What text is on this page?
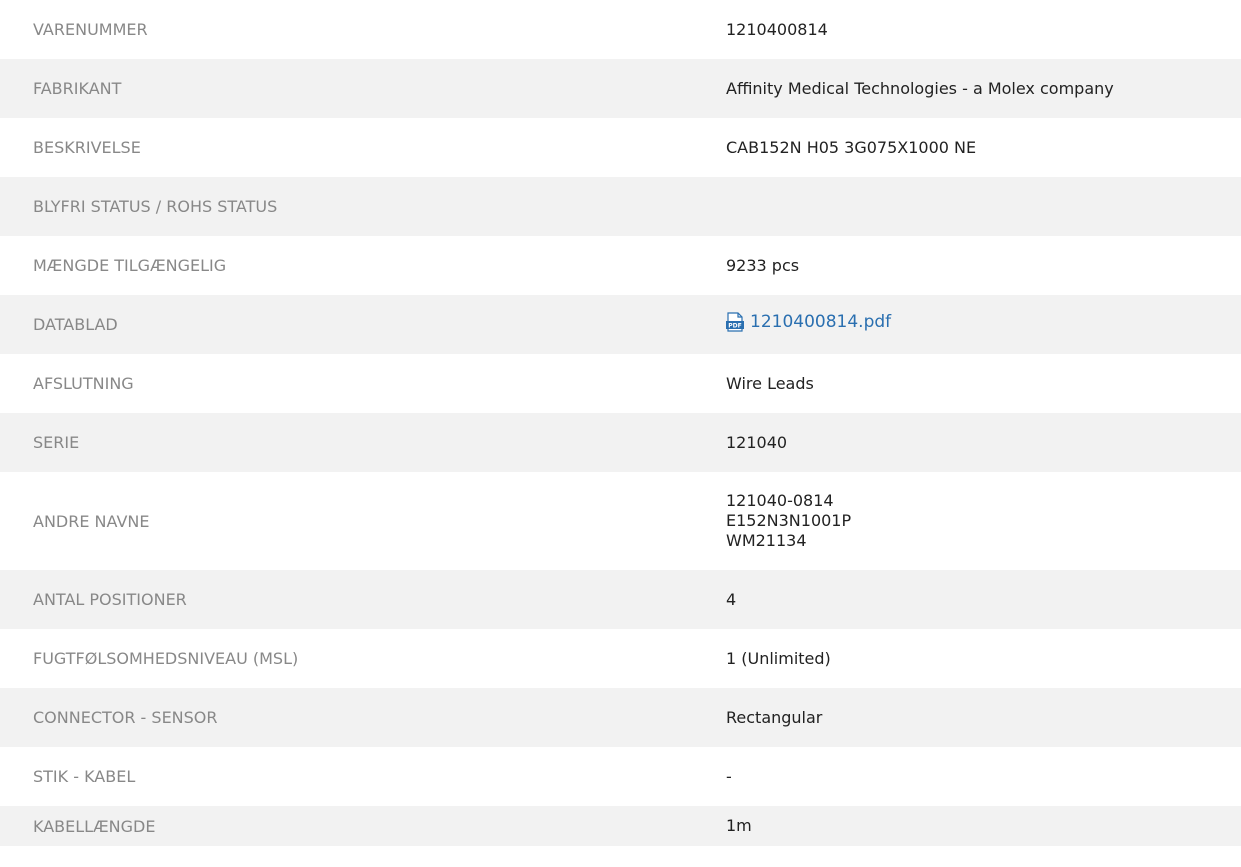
VARENUMMER	1210400814
FABRIKANT	Affinity Medical Technologies - a Molex company
BESKRIVELSE	CAB152N H05 3G075X1000 NE
BLYFRI STATUS / ROHS STATUS	
MÆNGDE TILGÆNGELIG	9233 pcs
DATABLAD	PDF 1210400814.pdf

AFSLUTNING	Wire Leads
SERIE	121040
ANDRE NAVNE	121040-0814
E152N3N1001P
WM21134

ANTAL POSITIONER	4
FUGTFØLSOMHEDSNIVEAU (MSL)	1 (Unlimited)
CONNECTOR - SENSOR	Rectangular
STIK - KABEL	-
KABELLÆNGDE	1m
